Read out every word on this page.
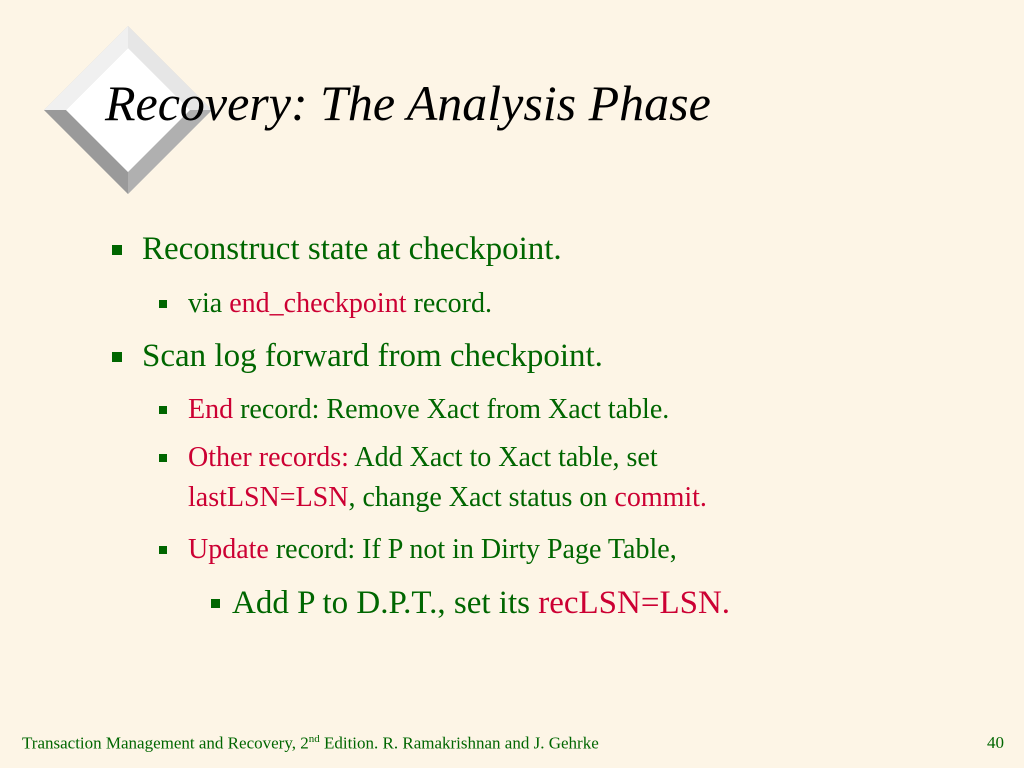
Recovery: The Analysis Phase
Reconstruct state at checkpoint.
via end_checkpoint record.
Scan log forward from checkpoint.
End record: Remove Xact from Xact table.
Other records: Add Xact to Xact table, set
lastLSN=LSN, change Xact status on commit.
Update record: If P not in Dirty Page Table,
Add P to D.P.T., set its recLSN=LSN.
Transaction Management and Recovery, 2nd Edition. R. Ramakrishnan and J. Gehrke	40
